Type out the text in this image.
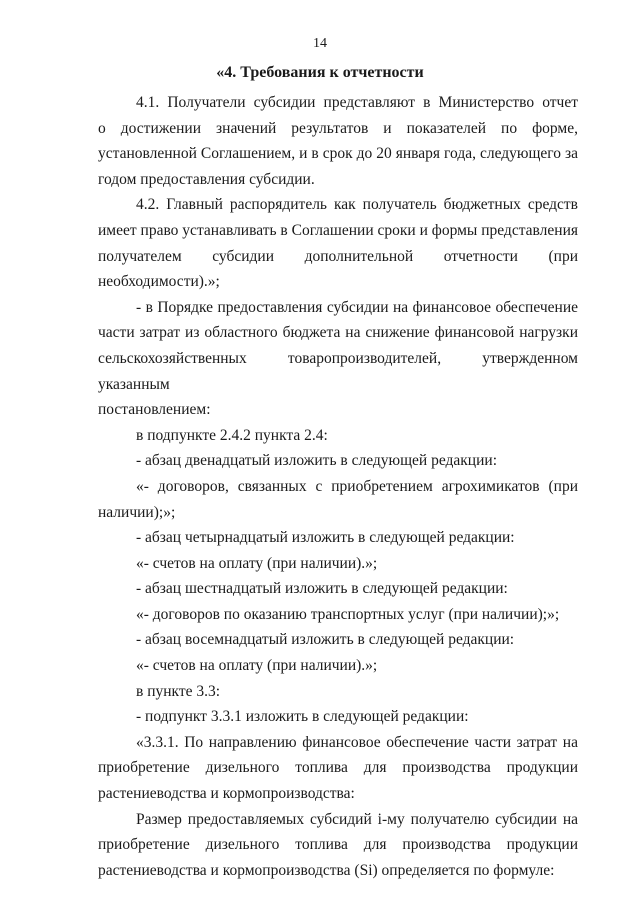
14
«4. Требования к отчетности
4.1. Получатели субсидии представляют в Министерство отчет
о достижении значений результатов и показателей по форме,
установленной Соглашением, и в срок до 20 января года, следующего за
годом предоставления субсидии.
4.2. Главный распорядитель как получатель бюджетных средств
имеет право устанавливать в Соглашении сроки и формы представления
получателем субсидии дополнительной отчетности (при
необходимости).»;
- в Порядке предоставления субсидии на финансовое обеспечение
части затрат из областного бюджета на снижение финансовой нагрузки
сельскохозяйственных товаропроизводителей, утвержденном указанным
постановлением:
в подпункте 2.4.2 пункта 2.4:
- абзац двенадцатый изложить в следующей редакции:
«- договоров, связанных с приобретением агрохимикатов (при
наличии);»;
- абзац четырнадцатый изложить в следующей редакции:
«- счетов на оплату (при наличии).»;
- абзац шестнадцатый изложить в следующей редакции:
«- договоров по оказанию транспортных услуг (при наличии);»;
- абзац восемнадцатый изложить в следующей редакции:
«- счетов на оплату (при наличии).»;
в пункте 3.3:
- подпункт 3.3.1 изложить в следующей редакции:
«3.3.1. По направлению финансовое обеспечение части затрат на
приобретение дизельного топлива для производства продукции
растениеводства и кормопроизводства:
Размер предоставляемых субсидий i-му получателю субсидии на
приобретение дизельного топлива для производства продукции
растениеводства и кормопроизводства (Si) определяется по формуле:
